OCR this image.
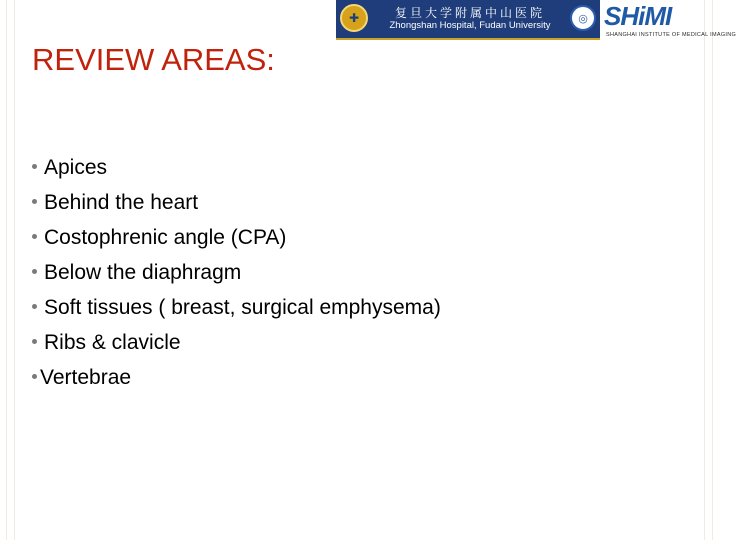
✚	复旦大学附属中山医院
Zhongshan Hospital, Fudan University
◎ SHiMI
SHANGHAI INSTITUTE OF MEDICAL IMAGING
REVIEW AREAS:
Apices
Behind the heart
Costophrenic angle (CPA)
Below the diaphragm
Soft tissues ( breast, surgical emphysema)
Ribs & clavicle
Vertebrae
